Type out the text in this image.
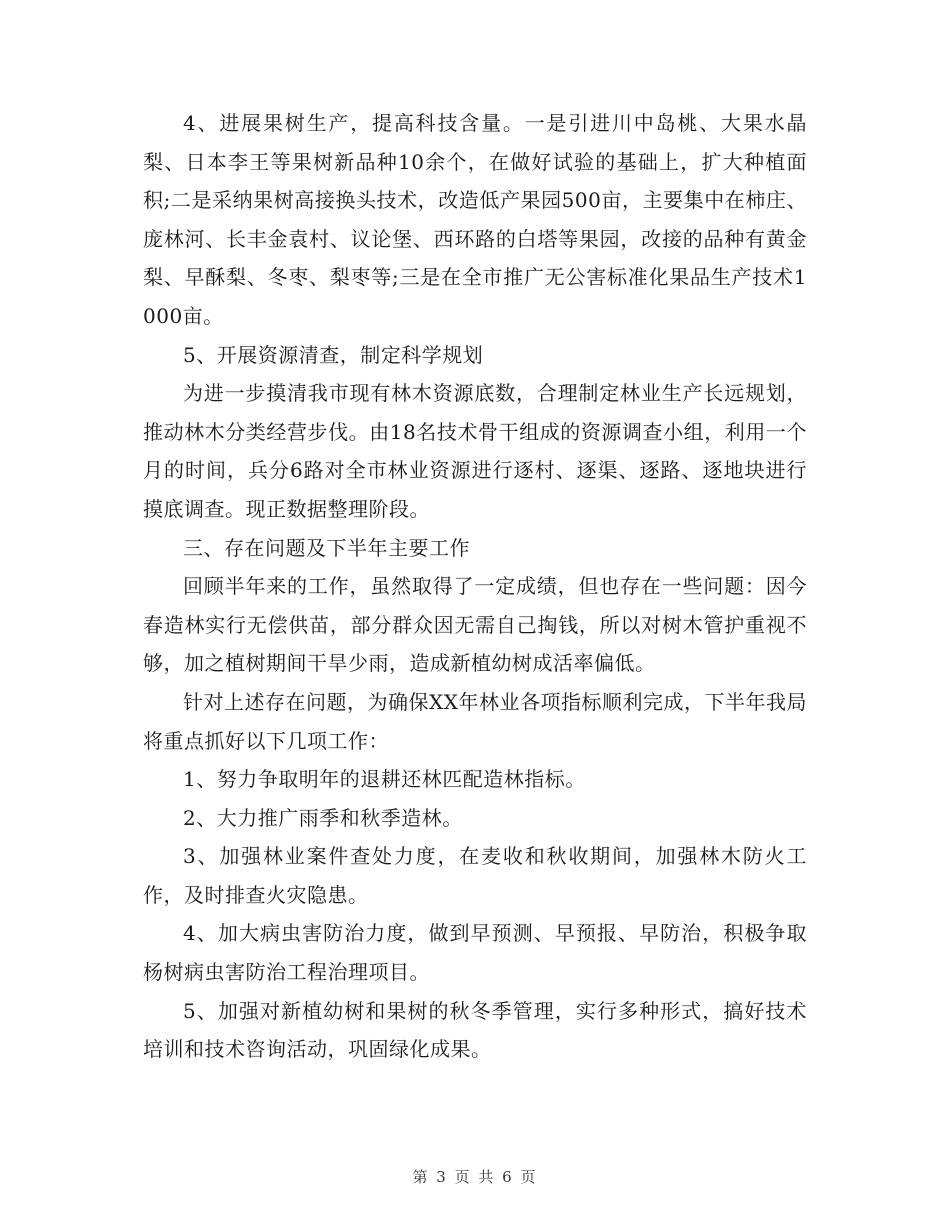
4、进展果树生产，提高科技含量。一是引进川中岛桃、大果水晶梨、日本李王等果树新品种10余个，在做好试验的基础上，扩大种植面积;二是采纳果树高接换头技术，改造低产果园500亩，主要集中在柿庄、庞林河、长丰金袁村、议论堡、西环路的白塔等果园，改接的品种有黄金梨、早酥梨、冬枣、梨枣等;三是在全市推广无公害标准化果品生产技术1000亩。

5、开展资源清查，制定科学规划

为进一步摸清我市现有林木资源底数，合理制定林业生产长远规划，推动林木分类经营步伐。由18名技术骨干组成的资源调查小组，利用一个月的时间，兵分6路对全市林业资源进行逐村、逐渠、逐路、逐地块进行摸底调查。现正数据整理阶段。

三、存在问题及下半年主要工作

回顾半年来的工作，虽然取得了一定成绩，但也存在一些问题：因今春造林实行无偿供苗，部分群众因无需自己掏钱，所以对树木管护重视不够，加之植树期间干旱少雨，造成新植幼树成活率偏低。

针对上述存在问题，为确保XX年林业各项指标顺利完成，下半年我局将重点抓好以下几项工作：

1、努力争取明年的退耕还林匹配造林指标。

2、大力推广雨季和秋季造林。

3、加强林业案件查处力度，在麦收和秋收期间，加强林木防火工作，及时排查火灾隐患。

4、加大病虫害防治力度，做到早预测、早预报、早防治，积极争取杨树病虫害防治工程治理项目。

5、加强对新植幼树和果树的秋冬季管理，实行多种形式，搞好技术培训和技术咨询活动，巩固绿化成果。

第 3 页 共 6 页
